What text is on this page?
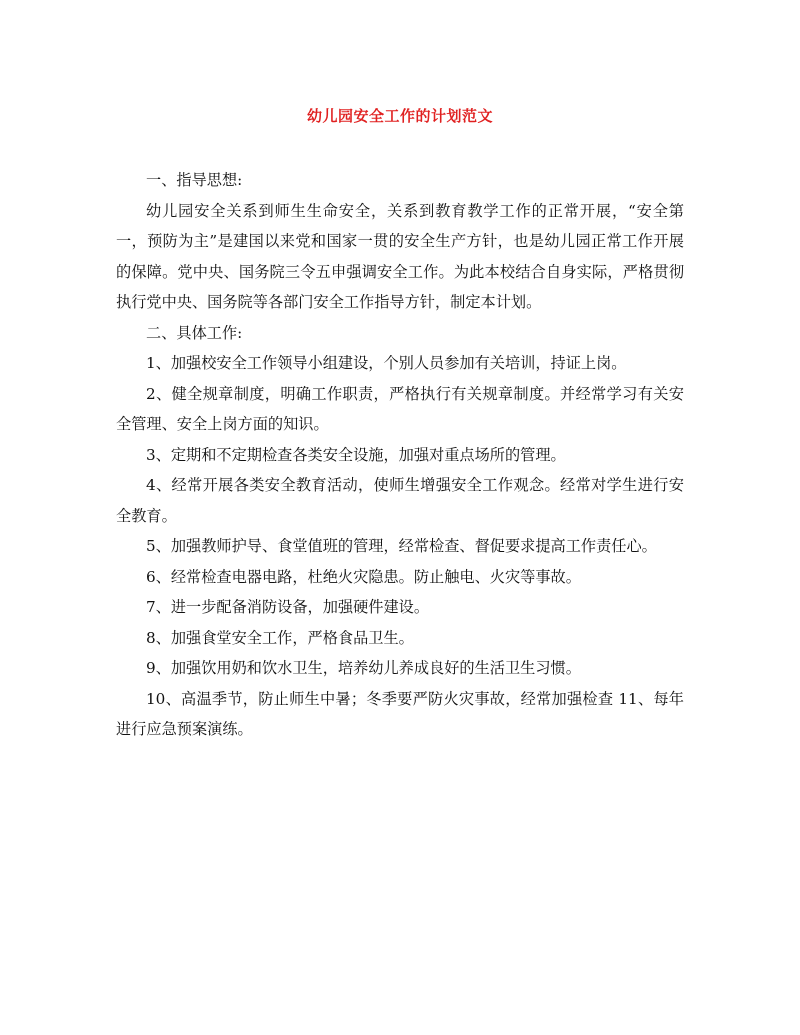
幼儿园安全工作的计划范文

一、指导思想:

幼儿园安全关系到师生生命安全，关系到教育教学工作的正常开展，“安全第一，预防为主”是建国以来党和国家一贯的安全生产方针，也是幼儿园正常工作开展的保障。党中央、国务院三令五申强调安全工作。为此本校结合自身实际，严格贯彻执行党中央、国务院等各部门安全工作指导方针，制定本计划。

二、具体工作:

1、加强校安全工作领导小组建设，个别人员参加有关培训，持证上岗。

2、健全规章制度，明确工作职责，严格执行有关规章制度。并经常学习有关安全管理、安全上岗方面的知识。

3、定期和不定期检查各类安全设施，加强对重点场所的管理。

4、经常开展各类安全教育活动，使师生增强安全工作观念。经常对学生进行安全教育。

5、加强教师护导、食堂值班的管理，经常检查、督促要求提高工作责任心。

6、经常检查电器电路，杜绝火灾隐患。防止触电、火灾等事故。

7、进一步配备消防设备，加强硬件建设。

8、加强食堂安全工作，严格食品卫生。

9、加强饮用奶和饮水卫生，培养幼儿养成良好的生活卫生习惯。

10、高温季节，防止师生中暑；冬季要严防火灾事故，经常加强检查 11、每年进行应急预案演练。
